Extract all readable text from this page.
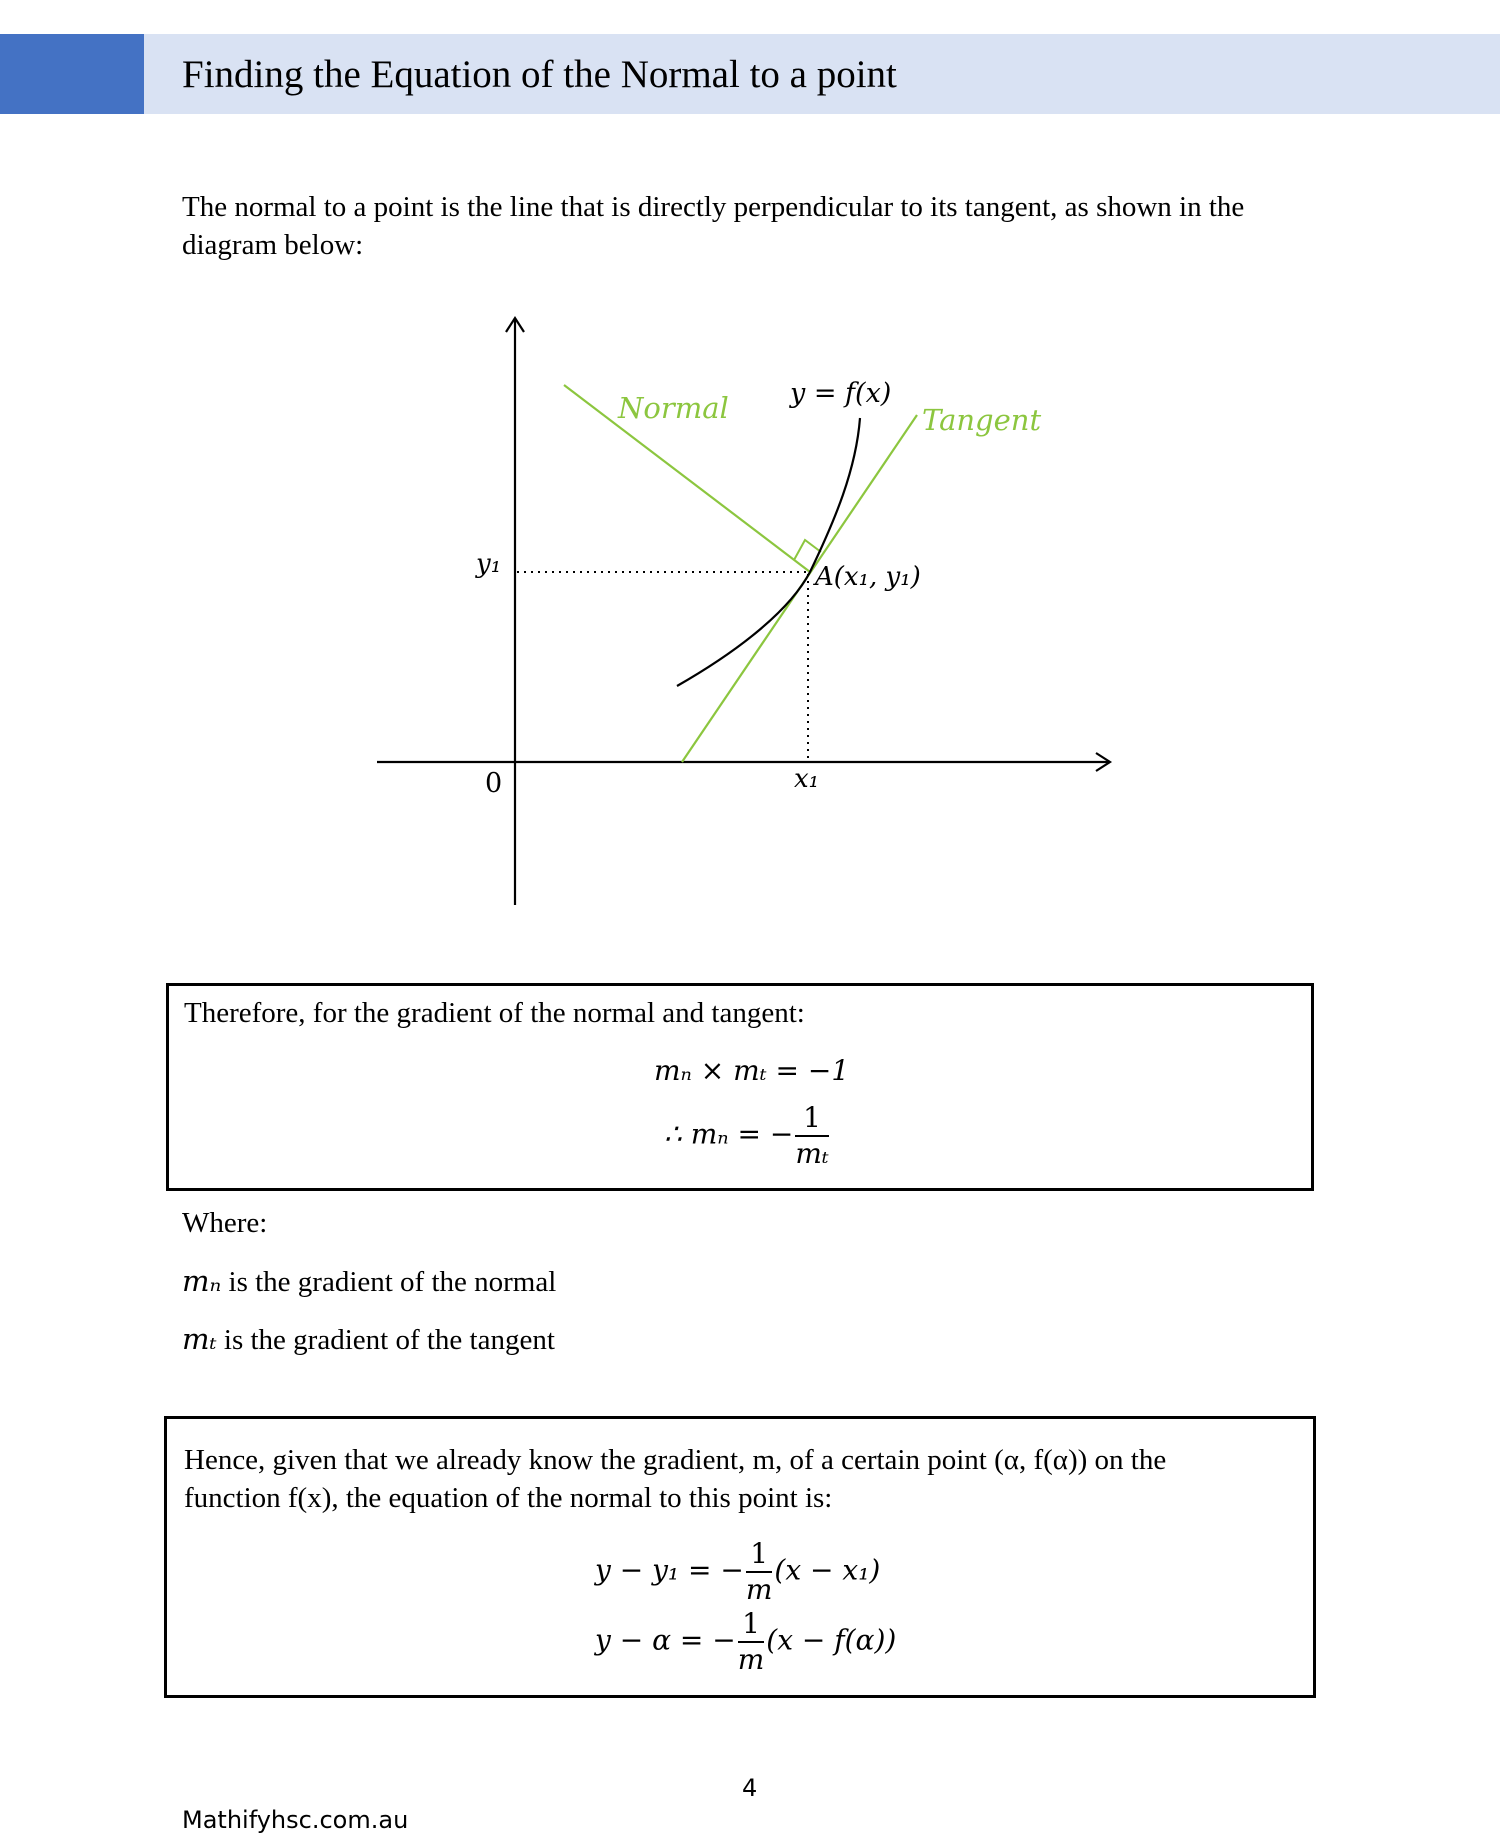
Finding the Equation of the Normal to a point
The normal to a point is the line that is directly perpendicular to its tangent, as shown in the diagram below:
y = f(x)
Normal	Tangent
A(x₁, y₁)
y₁
x₁
0
Therefore, for the gradient of the normal and tangent:
mₙ × mₜ = −1
∴ mₙ = − $\frac{1}{\text{mₜ}}$
Where:
mₙ is the gradient of the normal
mₜ is the gradient of the tangent
Hence, given that we already know the gradient, m, of a certain point (α, f(α)) on the
function f(x), the equation of the normal to this point is:
y − y₁ = − $\frac{1}{m} (x - x_1)$
y − α = − $\frac{1}{m} (x - f(\alpha))$
4
Mathifyhsc.com.au
